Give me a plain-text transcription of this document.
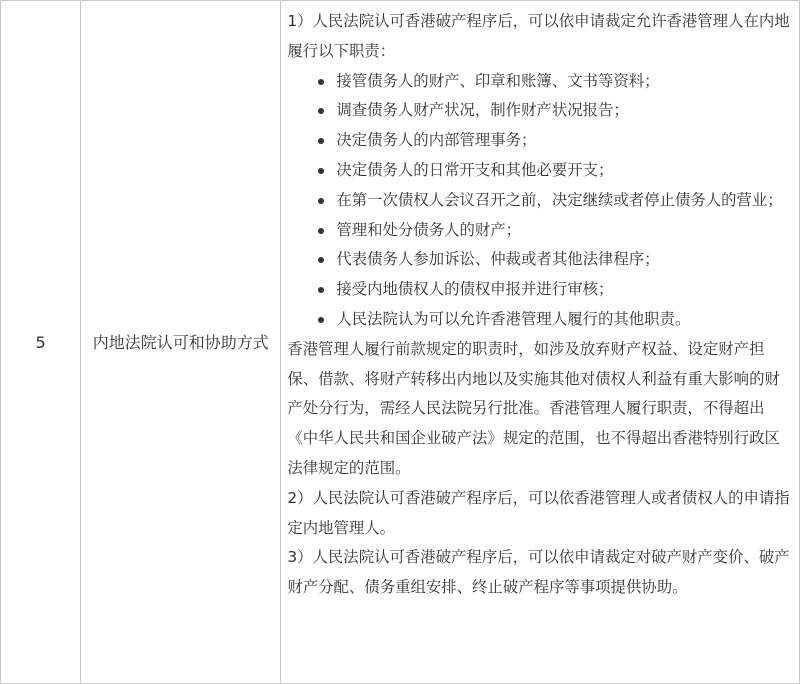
5	内地法院认可和协助方式	

1）人民法院认可香港破产程序后，可以依申请裁定允许香港管理人在内地履行以下职责：

接管债务人的财产、印章和账簿、文书等资料；
调查债务人财产状况，制作财产状况报告；
决定债务人的内部管理事务；
决定债务人的日常开支和其他必要开支；
在第一次债权人会议召开之前，决定继续或者停止债务人的营业；
管理和处分债务人的财产；
代表债务人参加诉讼、仲裁或者其他法律程序；
接受内地债权人的债权申报并进行审核；
人民法院认为可以允许香港管理人履行的其他职责。

香港管理人履行前款规定的职责时，如涉及放弃财产权益、设定财产担保、借款、将财产转移出内地以及实施其他对债权人利益有重大影响的财产处分行为，需经人民法院另行批准。香港管理人履行职责，不得超出《中华人民共和国企业破产法》规定的范围，也不得超出香港特别行政区法律规定的范围。

2）人民法院认可香港破产程序后，可以依香港管理人或者债权人的申请指定内地管理人。

3）人民法院认可香港破产程序后，可以依申请裁定对破产财产变价、破产财产分配、债务重组安排、终止破产程序等事项提供协助。
